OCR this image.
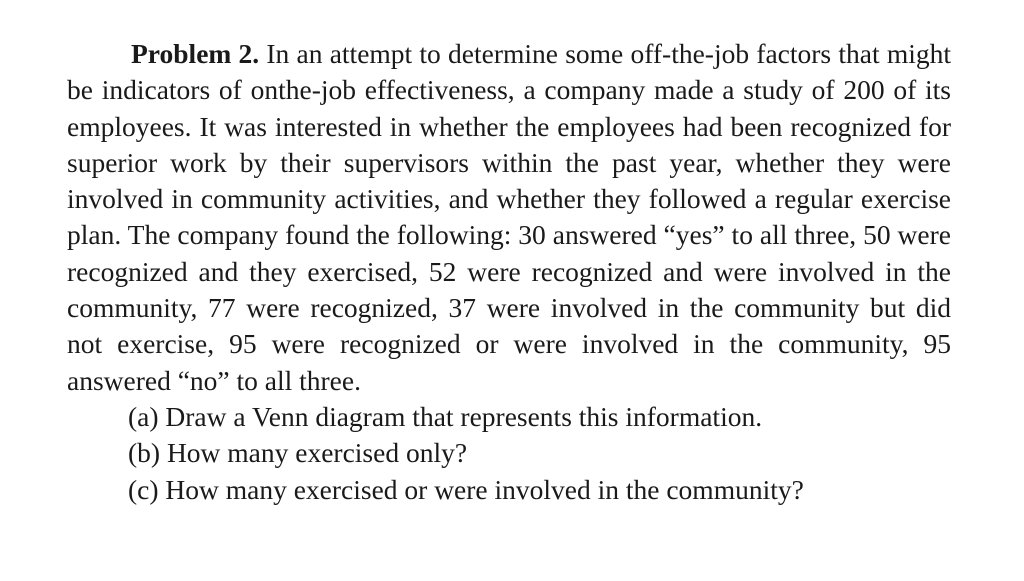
Problem 2. In an attempt to determine some off-the-job factors that might be indicators of onthe-job effectiveness, a company made a study of 200 of its employees. It was interested in whether the employees had been recognized for superior work by their supervisors within the past year, whether they were involved in community activities, and whether they followed a regular exercise plan. The company found the following: 30 answered “yes” to all three, 50 were recognized and they exercised, 52 were recognized and were involved in the community, 77 were recognized, 37 were involved in the community but did not exercise, 95 were recognized or were involved in the community, 95 answered “no” to all three.

(a) Draw a Venn diagram that represents this information.
(b) How many exercised only?
(c) How many exercised or were involved in the community?
